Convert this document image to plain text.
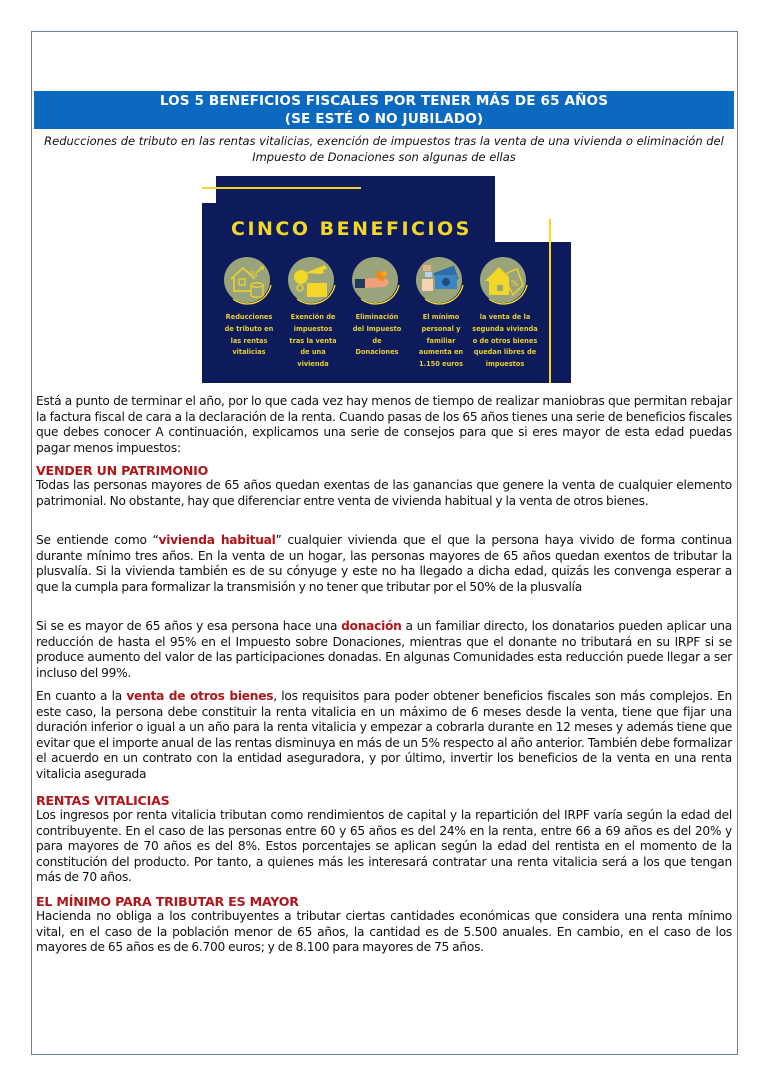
LOS 5 BENEFICIOS FISCALES POR TENER MÁS DE 65 AÑOS
(SE ESTÉ O NO JUBILADO)
Reducciones de tributo en las rentas vitalicias, exención de impuestos tras la venta de una vivienda o eliminación del
Impuesto de Donaciones son algunas de ellas
CINCO BENEFICIOS
%
%
Reducciones
de tributo en
las rentas
vitalicias
Exención de
impuestos
tras la venta
de una
vivienda
Eliminación
del Impuesto
de
Donaciones
El mínimo
personal y
familiar
aumenta en
1.150 euros
la venta de la
segunda vivienda
o de otros bienes
quedan libres de
impuestos

Está a punto de terminar el año, por lo que cada vez hay menos de tiempo de realizar maniobras que permitan rebajar la factura fiscal de cara a la declaración de la renta. Cuando pasas de los 65 años tienes una serie de beneficios fiscales que debes conocer A continuación, explicamos una serie de consejos para que si eres mayor de esta edad puedas pagar menos impuestos:

VENDER UN PATRIMONIO

Todas las personas mayores de 65 años quedan exentas de las ganancias que genere la venta de cualquier elemento patrimonial. No obstante, hay que diferenciar entre venta de vivienda habitual y la venta de otros bienes.

Se entiende como “vivienda habitual” cualquier vivienda que el que la persona haya vivido de forma continua durante mínimo tres años. En la venta de un hogar, las personas mayores de 65 años quedan exentos de tributar la plusvalía. Si la vivienda también es de su cónyuge y este no ha llegado a dicha edad, quizás les convenga esperar a que la cumpla para formalizar la transmisión y no tener que tributar por el 50% de la plusvalía

Si se es mayor de 65 años y esa persona hace una donación a un familiar directo, los donatarios pueden aplicar una reducción de hasta el 95% en el Impuesto sobre Donaciones, mientras que el donante no tributará en su IRPF si se produce aumento del valor de las participaciones donadas. En algunas Comunidades esta reducción puede llegar a ser incluso del 99%.

En cuanto a la venta de otros bienes, los requisitos para poder obtener beneficios fiscales son más complejos. En este caso, la persona debe constituir la renta vitalicia en un máximo de 6 meses desde la venta, tiene que fijar una duración inferior o igual a un año para la renta vitalicia y empezar a cobrarla durante en 12 meses y además tiene que evitar que el importe anual de las rentas disminuya en más de un 5% respecto al año anterior. También debe formalizar el acuerdo en un contrato con la entidad aseguradora, y por último, invertir los beneficios de la venta en una renta vitalicia asegurada

RENTAS VITALICIAS

Los ingresos por renta vitalicia tributan como rendimientos de capital y la repartición del IRPF varía según la edad del contribuyente. En el caso de las personas entre 60 y 65 años es del 24% en la renta, entre 66 a 69 años es del 20% y para mayores de 70 años es del 8%. Estos porcentajes se aplican según la edad del rentista en el momento de la constitución del producto. Por tanto, a quienes más les interesará contratar una renta vitalicia será a los que tengan más de 70 años.

EL MÍNIMO PARA TRIBUTAR ES MAYOR

Hacienda no obliga a los contribuyentes a tributar ciertas cantidades económicas que considera una renta mínimo vital, en el caso de la población menor de 65 años, la cantidad es de 5.500 anuales. En cambio, en el caso de los mayores de 65 años es de 6.700 euros; y de 8.100 para mayores de 75 años.
